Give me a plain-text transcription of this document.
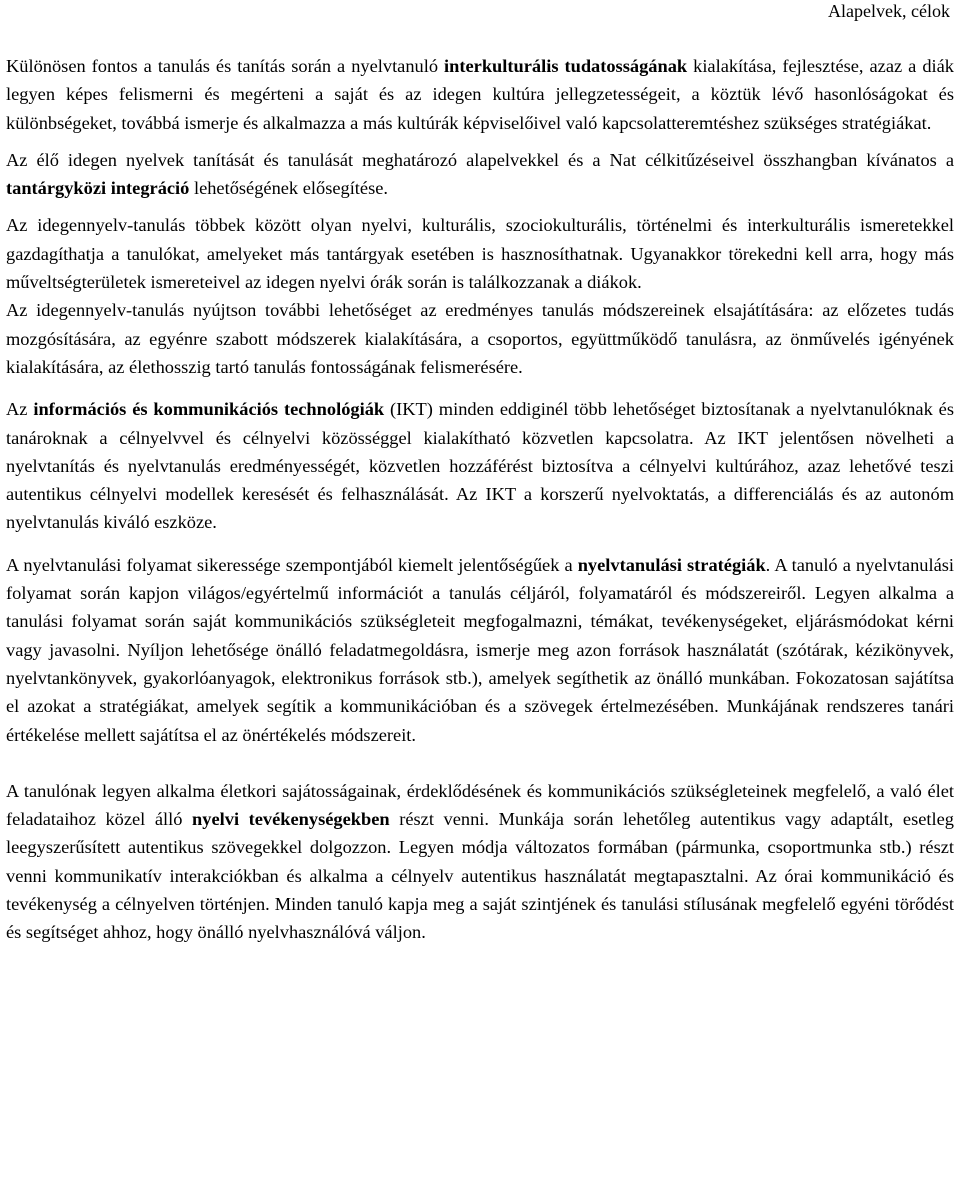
Alapelvek, célok

Különösen fontos a tanulás és tanítás során a nyelvtanuló interkulturális tudatosságának kialakítása, fejlesztése, azaz a diák legyen képes felismerni és megérteni a saját és az idegen kultúra jellegzetességeit, a köztük lévő hasonlóságokat és különbségeket, továbbá ismerje és alkalmazza a más kultúrák képviselőivel való kapcsolatteremtéshez szükséges stratégiákat.

Az élő idegen nyelvek tanítását és tanulását meghatározó alapelvekkel és a Nat célkitűzéseivel összhangban kívánatos a tantárgyközi integráció lehetőségének elősegítése.

Az idegennyelv-tanulás többek között olyan nyelvi, kulturális, szociokulturális, történelmi és interkulturális ismeretekkel gazdagíthatja a tanulókat, amelyeket más tantárgyak esetében is hasznosíthatnak. Ugyanakkor törekedni kell arra, hogy más műveltségterületek ismereteivel az idegen nyelvi órák során is találkozzanak a diákok.

Az idegennyelv-tanulás nyújtson további lehetőséget az eredményes tanulás módszereinek elsajátítására: az előzetes tudás mozgósítására, az egyénre szabott módszerek kialakítására, a csoportos, együttműködő tanulásra, az önművelés igényének kialakítására, az élethosszig tartó tanulás fontosságának felismerésére.

Az információs és kommunikációs technológiák (IKT) minden eddiginél több lehetőséget biztosítanak a nyelvtanulóknak és tanároknak a célnyelvvel és célnyelvi közösséggel kialakítható közvetlen kapcsolatra. Az IKT jelentősen növelheti a nyelvtanítás és nyelvtanulás eredményességét, közvetlen hozzáférést biztosítva a célnyelvi kultúrához, azaz lehetővé teszi autentikus célnyelvi modellek keresését és felhasználását. Az IKT a korszerű nyelvoktatás, a differenciálás és az autonóm nyelvtanulás kiváló eszköze.

A nyelvtanulási folyamat sikeressége szempontjából kiemelt jelentőségűek a nyelvtanulási stratégiák. A tanuló a nyelvtanulási folyamat során kapjon világos/egyértelmű információt a tanulás céljáról, folyamatáról és módszereiről. Legyen alkalma a tanulási folyamat során saját kommunikációs szükségleteit megfogalmazni, témákat, tevékenységeket, eljárásmódokat kérni vagy javasolni. Nyíljon lehetősége önálló feladatmegoldásra, ismerje meg azon források használatát (szótárak, kézikönyvek, nyelvtankönyvek, gyakorlóanyagok, elektronikus források stb.), amelyek segíthetik az önálló munkában. Fokozatosan sajátítsa el azokat a stratégiákat, amelyek segítik a kommunikációban és a szövegek értelmezésében. Munkájának rendszeres tanári értékelése mellett sajátítsa el az önértékelés módszereit.

A tanulónak legyen alkalma életkori sajátosságainak, érdeklődésének és kommunikációs szükségleteinek megfelelő, a való élet feladataihoz közel álló nyelvi tevékenységekben részt venni. Munkája során lehetőleg autentikus vagy adaptált, esetleg leegyszerűsített autentikus szövegekkel dolgozzon. Legyen módja változatos formában (pármunka, csoportmunka stb.) részt venni kommunikatív interakciókban és alkalma a célnyelv autentikus használatát megtapasztalni. Az órai kommunikáció és tevékenység a célnyelven történjen. Minden tanuló kapja meg a saját szintjének és tanulási stílusának megfelelő egyéni törődést és segítséget ahhoz, hogy önálló nyelvhasználóvá váljon.
